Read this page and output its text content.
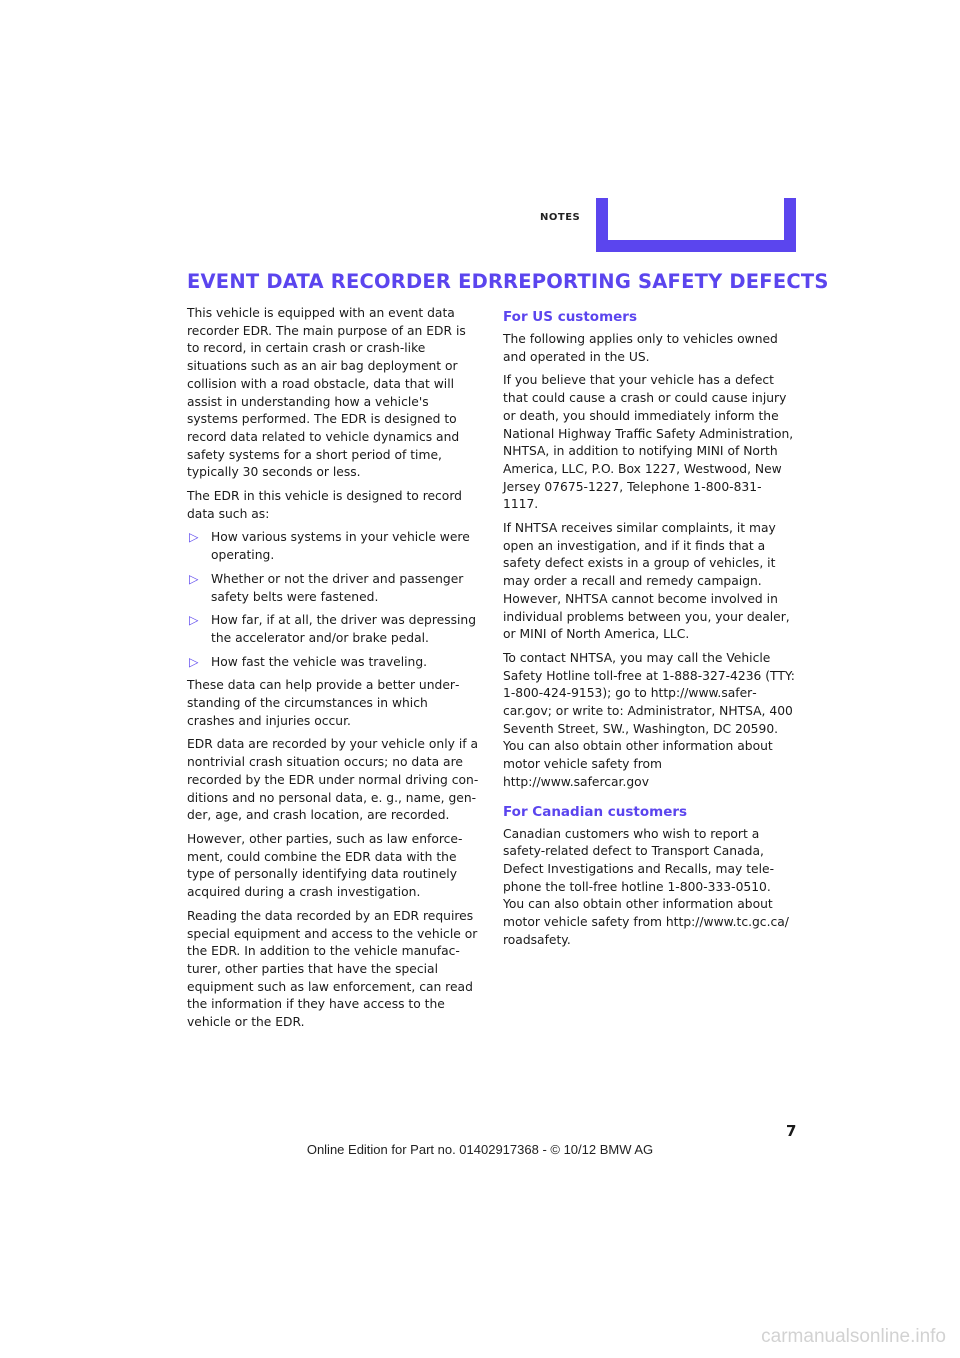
NOTES
EVENT DATA RECORDER EDR

This vehicle is equipped with an event data recorder EDR. The main purpose of an EDR is to record, in certain crash or crash-like situations such as an air bag deployment or collision with a road obstacle, data that will assist in understanding how a vehicle's systems performed. The EDR is designed to record data related to vehicle dynamics and safety systems for a short period of time, typically 30 seconds or less.

The EDR in this vehicle is designed to record data such as:

▷ How various systems in your vehicle were operating.
▷ Whether or not the driver and passenger safety belts were fastened.
▷ How far, if at all, the driver was depressing the accelerator and/or brake pedal.
▷ How fast the vehicle was traveling.

These data can help provide a better understanding of the circumstances in which crashes and injuries occur.

EDR data are recorded by your vehicle only if a nontrivial crash situation occurs; no data are recorded by the EDR under normal driving conditions and no personal data, e. g., name, gender, age, and crash location, are recorded.

However, other parties, such as law enforcement, could combine the EDR data with the type of personally identifying data routinely acquired during a crash investigation.

Reading the data recorded by an EDR requires special equipment and access to the vehicle or the EDR. In addition to the vehicle manufacturer, other parties that have the special equipment such as law enforcement, can read the information if they have access to the vehicle or the EDR.

REPORTING SAFETY DEFECTS
For US customers

The following applies only to vehicles owned and operated in the US.

If you believe that your vehicle has a defect that could cause a crash or could cause injury or death, you should immediately inform the National Highway Traffic Safety Administration, NHTSA, in addition to notifying MINI of North America, LLC, P.O. Box 1227, Westwood, New Jersey 07675-1227, Telephone 1-800-831-1117.

If NHTSA receives similar complaints, it may open an investigation, and if it finds that a safety defect exists in a group of vehicles, it may order a recall and remedy campaign. However, NHTSA cannot become involved in individual problems between you, your dealer, or MINI of North America, LLC.

To contact NHTSA, you may call the Vehicle Safety Hotline toll-free at 1-888-327-4236 (TTY: 1-800-424-9153); go to http://www.safercar.gov; or write to: Administrator, NHTSA, 400 Seventh Street, SW., Washington, DC 20590. You can also obtain other information about motor vehicle safety from http://www.safercar.gov

For Canadian customers

Canadian customers who wish to report a safety-related defect to Transport Canada, Defect Investigations and Recalls, may telephone the toll-free hotline 1-800-333-0510. You can also obtain other information about motor vehicle safety from http://www.tc.gc.ca/ roadsafety.

7
Online Edition for Part no. 01402917368 - © 10/12 BMW AG
carmanualsonline.info
